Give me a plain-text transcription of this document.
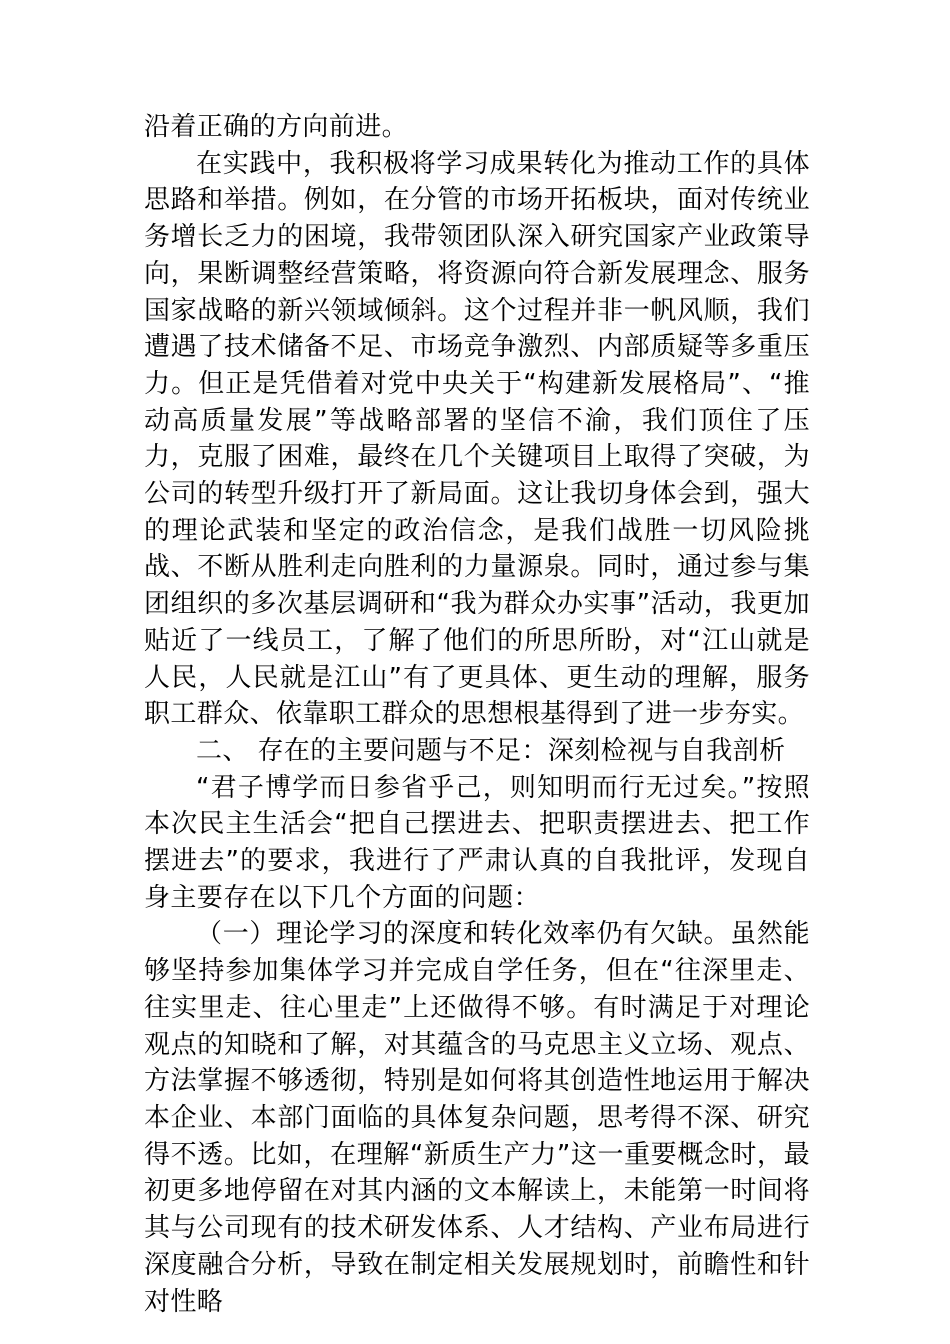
沿着正确的方向前进。

在实践中，我积极将学习成果转化为推动工作的具体思路和举措。例如，在分管的市场开拓板块，面对传统业务增长乏力的困境，我带领团队深入研究国家产业政策导向，果断调整经营策略，将资源向符合新发展理念、服务国家战略的新兴领域倾斜。这个过程并非一帆风顺，我们遭遇了技术储备不足、市场竞争激烈、内部质疑等多重压力。但正是凭借着对党中央关于“构建新发展格局”、“推动高质量发展”等战略部署的坚信不渝，我们顶住了压力，克服了困难，最终在几个关键项目上取得了突破，为公司的转型升级打开了新局面。这让我切身体会到，强大的理论武装和坚定的政治信念，是我们战胜一切风险挑战、不断从胜利走向胜利的力量源泉。同时，通过参与集团组织的多次基层调研和“我为群众办实事”活动，我更加贴近了一线员工，了解了他们的所思所盼，对“江山就是人民，人民就是江山”有了更具体、更生动的理解，服务职工群众、依靠职工群众的思想根基得到了进一步夯实。

二、 存在的主要问题与不足：深刻检视与自我剖析

“君子博学而日参省乎己，则知明而行无过矣。”按照本次民主生活会“把自己摆进去、把职责摆进去、把工作摆进去”的要求，我进行了严肃认真的自我批评，发现自身主要存在以下几个方面的问题：

（一）理论学习的深度和转化效率仍有欠缺。虽然能够坚持参加集体学习并完成自学任务，但在“往深里走、往实里走、往心里走”上还做得不够。有时满足于对理论观点的知晓和了解，对其蕴含的马克思主义立场、观点、方法掌握不够透彻，特别是如何将其创造性地运用于解决本企业、本部门面临的具体复杂问题，思考得不深、研究得不透。比如，在理解“新质生产力”这一重要概念时，最初更多地停留在对其内涵的文本解读上，未能第一时间将其与公司现有的技术研发体系、人才结构、产业布局进行深度融合分析，导致在制定相关发展规划时，前瞻性和针对性略
